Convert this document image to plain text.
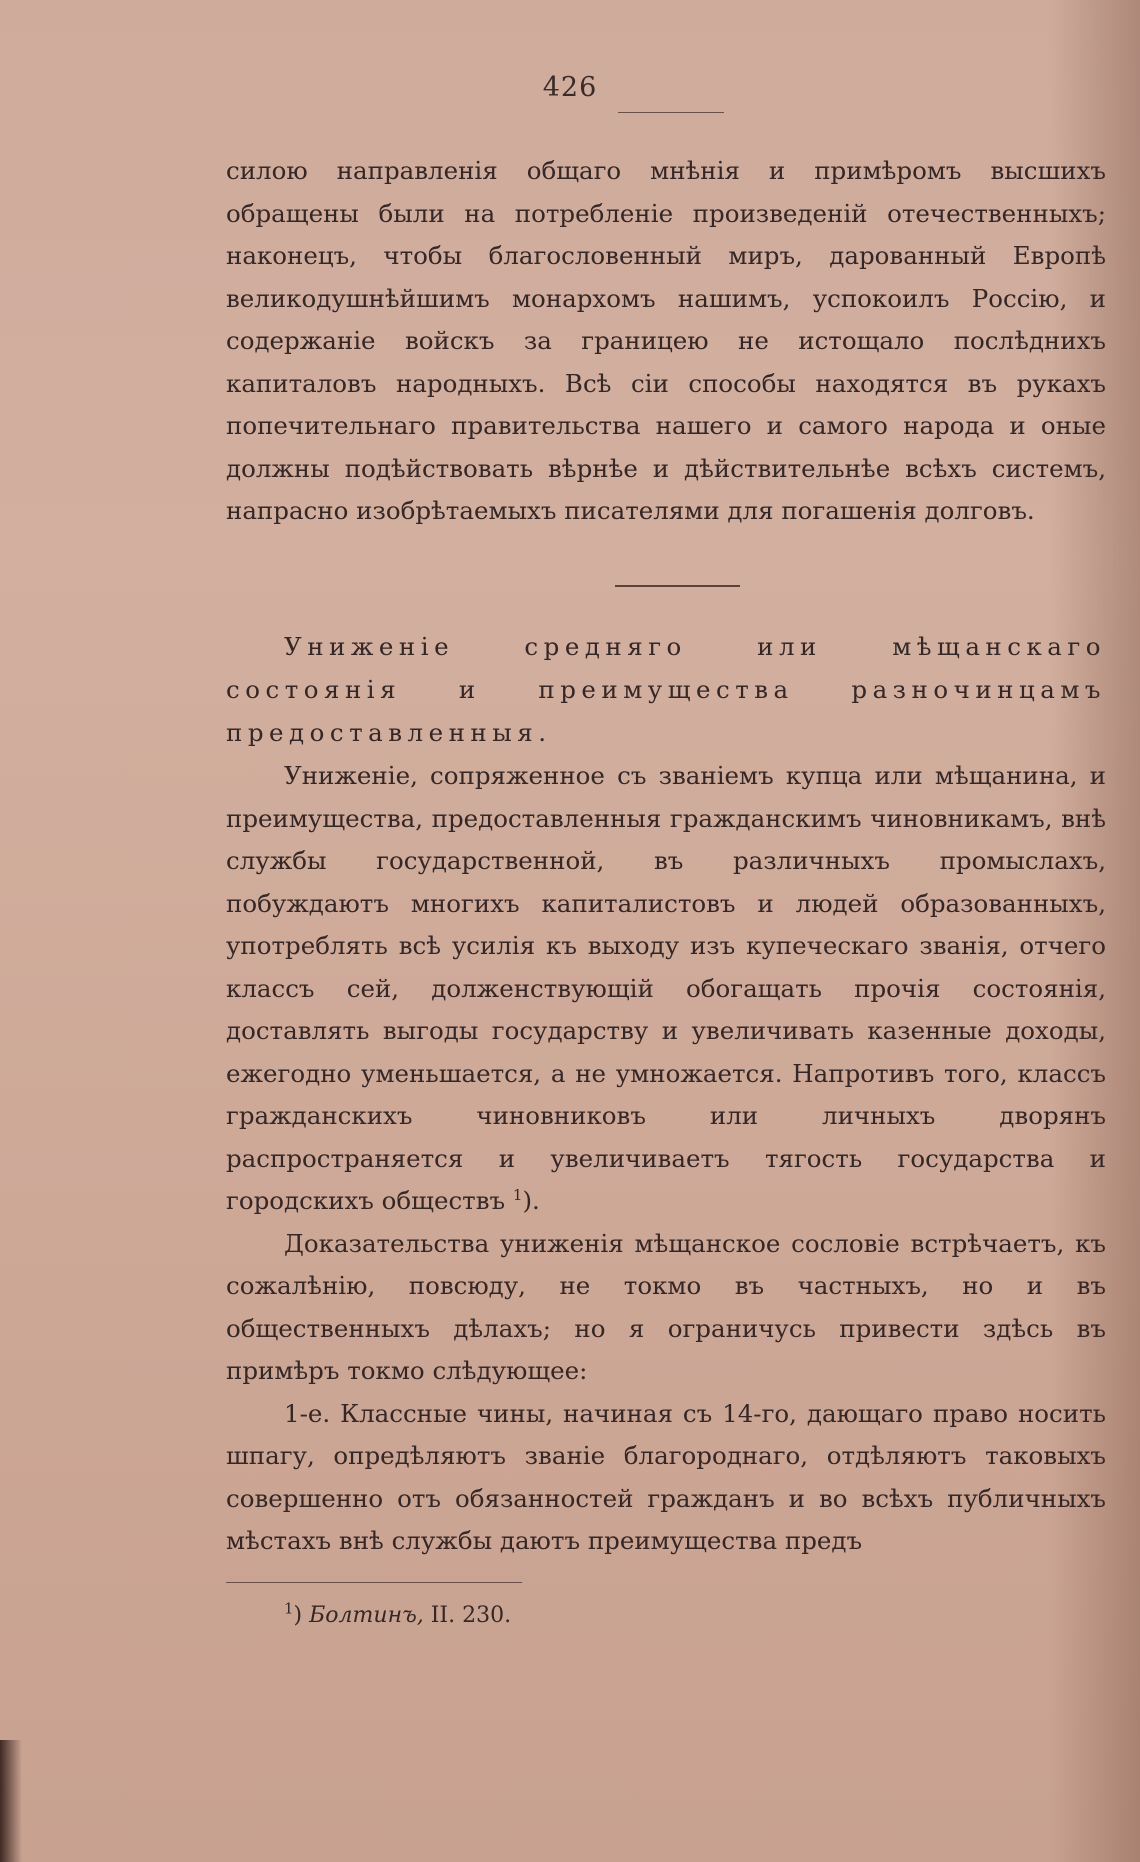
426
силою направленія общаго мнѣнія и примѣромъ высшихъ обращены были на потребленіе произведеній отечественныхъ; наконецъ, чтобы благословенный миръ, дарованный Европѣ великодушнѣйшимъ монархомъ нашимъ, успокоилъ Россію, и содержаніе войскъ за границею не истощало послѣднихъ капиталовъ народныхъ. Всѣ сіи способы находятся въ рукахъ попечительнаго правительства нашего и самого народа и оные должны подѣйствовать вѣрнѣе и дѣйствительнѣе всѣхъ системъ, напрасно изобрѣтаемыхъ писателями для погашенія долговъ.
Униженіе средняго или мѣщанскаго состоянія и преимущества разночинцамъ предоставленныя.

Униженіе, сопряженное съ званіемъ купца или мѣщанина, и преимущества, предоставленныя гражданскимъ чиновникамъ, внѣ службы государственной, въ различныхъ промыслахъ, побуждаютъ многихъ капиталистовъ и людей образованныхъ, употреблять всѣ усилія къ выходу изъ купеческаго званія, отчего классъ сей, долженствующій обогащать прочія состоянія, доставлять выгоды государству и увеличивать казенные доходы, ежегодно уменьшается, а не умножается. Напротивъ того, классъ гражданскихъ чиновниковъ или личныхъ дворянъ распространяется и увеличиваетъ тягость государства и городскихъ обществъ $^1$).

Доказательства униженія мѣщанское сословіе встрѣчаетъ, къ сожалѣнію, повсюду, не токмо въ частныхъ, но и въ общественныхъ дѣлахъ; но я ограничусь привести здѣсь въ примѣръ токмо слѣдующее:

1-е. Классные чины, начиная съ 14-го, дающаго право носить шпагу, опредѣляютъ званіе благороднаго, отдѣляютъ таковыхъ совершенно отъ обязанностей гражданъ и во всѣхъ публичныхъ мѣстахъ внѣ службы даютъ преимущества предъ

$^1$) Болтинъ, II. 230.
